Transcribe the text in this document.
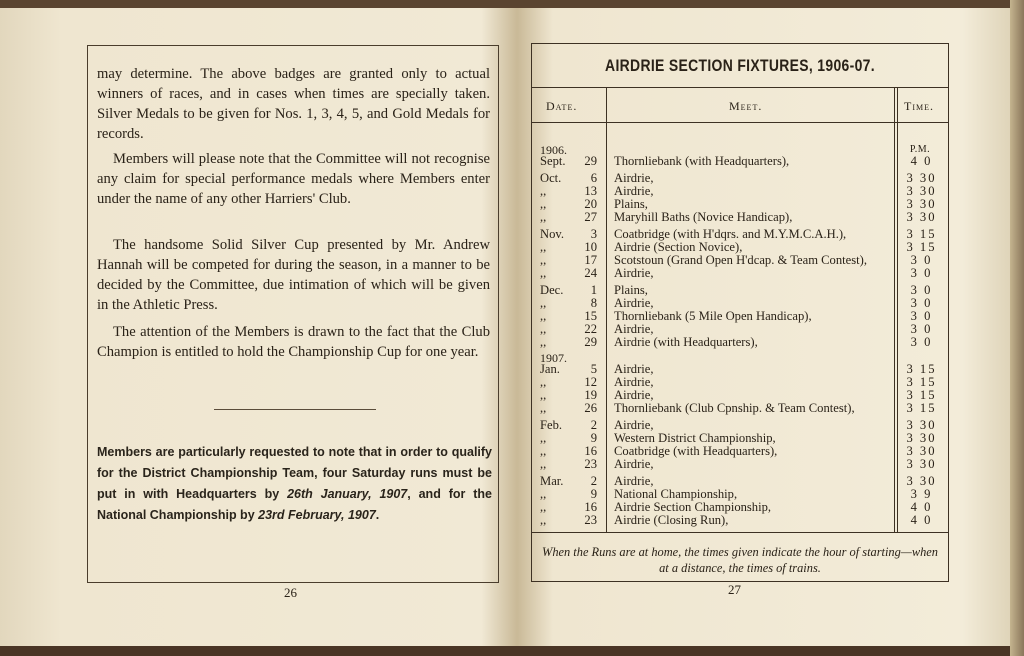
may determine. The above badges are granted only to actual winners of races, and in cases when times are specially taken. Silver Medals to be given for Nos. 1, 3, 4, 5, and Gold Medals for records.

Members will please note that the Committee will not recognise any claim for special performance medals where Members enter under the name of any other Harriers' Club.

The handsome Solid Silver Cup presented by Mr. Andrew Hannah will be competed for during the season, in a manner to be decided by the Committee, due intimation of which will be given in the Athletic Press.

The attention of the Members is drawn to the fact that the Club Champion is entitled to hold the Championship Cup for one year.

Members are particularly requested to note that in order to qualify for the District Championship Team, four Saturday runs must be put in with Headquarters by 26th January, 1907, and for the National Championship by 23rd February, 1907.
26
AIRDRIE SECTION FIXTURES, 1906-07.
Date.	Meet.	Time.
P.M.
1906.
1907.
Sept.	29 Thornliebank (with Headquarters),	4 0
Oct.	6 Airdrie,	3 30
,,	13 Airdrie,	3 30
,,	20 Plains,	3 30
,,	27 Maryhill Baths (Novice Handicap),	3 30
Nov.	3 Coatbridge (with H'dqrs. and M.Y.M.C.A.H.),	3 15
,,	10 Airdrie (Section Novice),	3 15
,,	17 Scotstoun (Grand Open H'dcap. & Team Contest),	3 0
,,	24 Airdrie,	3 0
Dec.	1 Plains,	3 0
,,	8 Airdrie,	3 0
,,	15 Thornliebank (5 Mile Open Handicap),	3 0
,,	22 Airdrie,	3 0
,,	29 Airdrie (with Headquarters),	3 0
Jan.	5 Airdrie,	3 15
,,	12 Airdrie,	3 15
,,	19 Airdrie,	3 15
,,	26 Thornliebank (Club Cpnship. & Team Contest),	3 15
Feb.	2 Airdrie,	3 30
,,	9 Western District Championship,	3 30
,,	16 Coatbridge (with Headquarters),	3 30
,,	23 Airdrie,	3 30
Mar.	2 Airdrie,	3 30
,,	9 National Championship,	3 9
,,	16 Airdrie Section Championship,	4 0
,,	23 Airdrie (Closing Run),	4 0
When the Runs are at home, the times given indicate the hour of starting—when at a distance, the times of trains.
27
